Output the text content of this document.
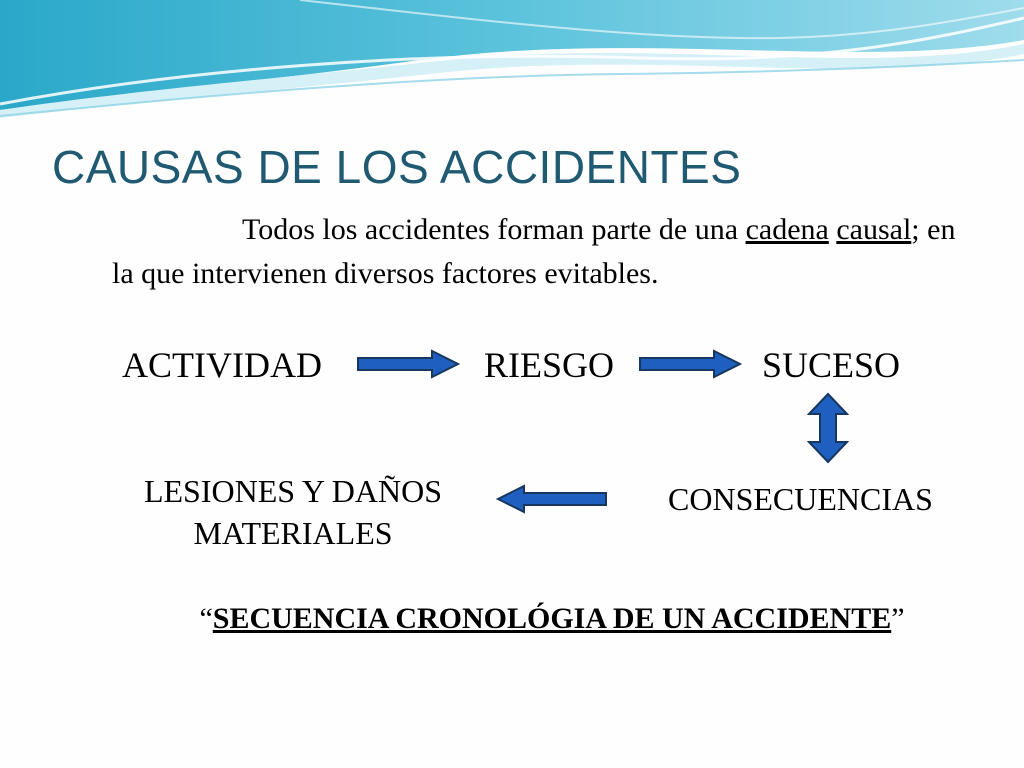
CAUSAS DE LOS ACCIDENTES
Todos los accidentes forman parte de una cadena causal; en la que intervienen diversos factores evitables.
ACTIVIDAD	RIESGO	SUCESO
CONSECUENCIAS
LESIONES Y DAÑOS
MATERIALES
“SECUENCIA CRONOLÓGIA DE UN ACCIDENTE”
